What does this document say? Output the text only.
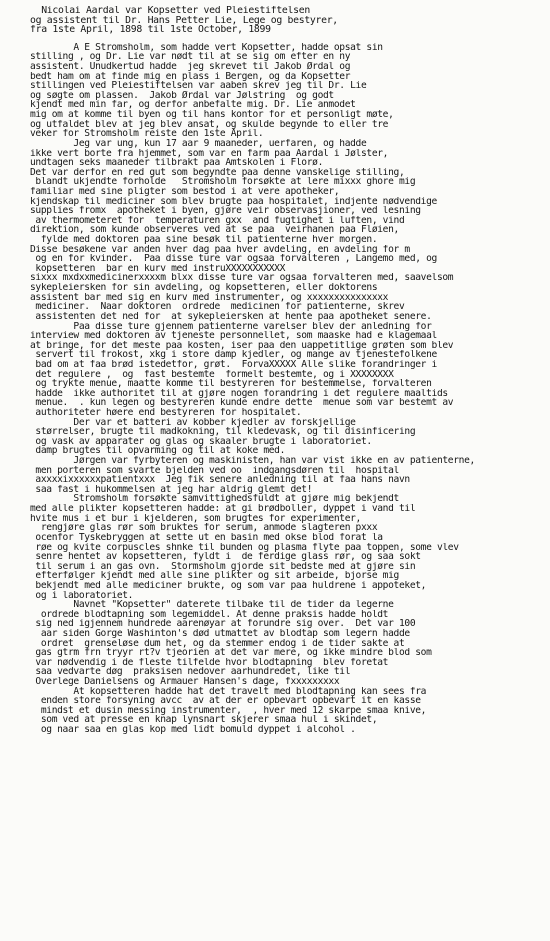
Nicolai Aardal var Kopsetter ved Pleiestiftelsen
og assistent til Dr. Hans Petter Lie, Lege og bestyrer,
fra 1ste April, 1898 til 1ste October, 1899
A E Stromsholm, som hadde vert Kopsetter, hadde opsat sin
stilling , og Dr. Lie var nødt til at se sig om efter en ny
assistent. Unudkertud hadde  jeg skrevet til Jakob Ørdal og
bedt ham om at finde mig en plass i Bergen, og da Kopsetter
stillingen ved Pleiestiftelsen var aaben skrev jeg til Dr. Lie
og søgte om plassen.  Jakob Ørdal var Jølstring  og godt
kjendt med min far, og derfor anbefalte mig. Dr. Lie anmodet
mig om at komme til byen og til hans kontor for et personligt møte,
og utfaldet blev at jeg blev ansat, og skulde begynde to eller tre
veker for Stromsholm reiste den 1ste April.
Jeg var ung, kun 17 aar 9 maaneder, uerfaren, og hadde
ikke vert borte fra hjemmet, som var en farm paa Aardal i Jølster,
undtagen seks maaneder tilbrakt paa Amtskolen i Florø.
Det var derfor en red gut som begyndte paa denne vanskelige stilling,
blandt ukjendte forholde   Stromsholm forsøkte at lere mixxx ghore mig
familiar med sine pligter som bestod i at vere apotheker,
kjendskap til mediciner som blev brugte paa hospitalet, indjente nødvendige
supplies fromx  apotheket i byen, gjøre veir observasjioner, ved lesning
av thermometeret for  temperaturen gxx  and fugtighet i luften, vind
direktion, som kunde observeres ved at se paa  veirhanen paa Fløien,
fylde med doktoren paa sine besøk til patienterne hver morgen.
Disse besøkene var anden hver dag paa hver avdeling, en avdeling for m
og en for kvinder.  Paa disse ture var ogsaa forvalteren , Langemo med, og
kopsetteren  bar en kurv med instruXXXXXXXXXXX
sixxx mxdxxmedicinerxxxxm blxx disse ture var ogsaa forvalteren med, saavelsom
sykepleiersken for sin avdeling, og kopsetteren, eller doktorens
assistent bar med sig en kurv med instrumenter, og xxxxxxxxxxxxxxx
mediciner.  Naar doktoren  ordrede  medicinen for patienterne, skrev
assistenten det ned for  at sykepleiersken at hente paa apotheket senere.
Paa disse ture gjennem patienterne varelser blev der anledning for
interview med doktoren av tjeneste personnellet, som maaske had e klagemaal
at bringe, for det meste paa kosten, iser paa den uappetitlige grøten som blev
servert til frokost, xkg i store damp kjedler, og mange av tjenestefolkene
bad om at faa brød istedetfor, grøt.  ForvaXXXXX Alle slike forandringer i
det regulere ,  og  fast bestemte  formelt bestemte, og i XXXXXXXX
og trykte menue, maatte komme til bestyreren for bestemmelse, forvalteren
hadde  ikke authoritet til at gjøre nogen forandring i det regulere maaltids
menue.  . kun legen og bestyreren kunde endre dette  menue som var bestemt av
authoriteter høere end bestyreren for hospitalet.
Der var et batteri av kobber kjedler av forskjellige
størrelser, brugte til madkokning, til kledevask, og til disinficering
og vask av apparater og glas og skaaler brugte i laboratoriet.
damp brugtes til opvarming og til at koke med.
Jørgen var fyrbyteren og maskinisten, han var vist ikke en av patienterne,
men porteren som svarte bjelden ved oo  indgangsdøren til  hospital
axxxxixxxxxxpatientxxx  Jeg fik senere anledning til at faa hans navn
saa fast i hukommelsen at jeg har aldrig glemt det!
Stromsholm forsøkte samvittighedsfuldt at gjøre mig bekjendt
med alle plikter kopsetteren hadde: at gi brødboller, dyppet i vand til
hvite mus i et bur i kjelderen, som brugtes for experimenter,
rengjøre glas rør som bruktes for serum, anmode slagteren pxxx
ocenfor Tyskebryggen at sette ut en basin med okse blod forat la
røe og kvite corpuscles shnke til bunden og plasma flyte paa toppen, some vlev
senre hentet av kopsetteren, fyldt i  de ferdige glass rør, og saa sokt
til serum i an gas ovn.  Stormsholm gjorde sit bedste med at gjøre sin
efterfølger kjendt med alle sine plikter og sit arbeide, bjorse mig
bekjendt med alle mediciner brukte, og som var paa huldrene i appoteket,
og i laboratoriet.
Navnet "Kopsetter" daterete tilbake til de tider da legerne
ordrede blodtapning som legemiddel. At denne praksis hadde holdt
sig ned igjennem hundrede aarenøyar at forundre sig over.  Det var 100
aar siden Gorge Washinton's død utmattet av blodtap som legern hadde
ordret  grenseløse dum het, og da stemmer endog i de tider sakte at
gas gtrm frn tryyr rt?v tjeorien at det var mere, og ikke mindre blod som
var nødvendig i de fleste tilfelde hvor blodtapning  blev foretat
saa vedvarte døg  praksisen nedover aarhundredet, like til
Overlege Danielsens og Armauer Hansen's dage, fxxxxxxxxx
At kopsetteren hadde hat det travelt med blodtapning kan sees fra
enden store forsyning avcc  av at der er opbevart opbevart it en kasse
mindst et dusin messing instrumenter,  , hver med 12 skarpe smaa knive,
som ved at presse en knap lynsnart skjerer smaa hul i skindet,
og naar saa en glas kop med lidt bomuld dyppet i alcohol .
